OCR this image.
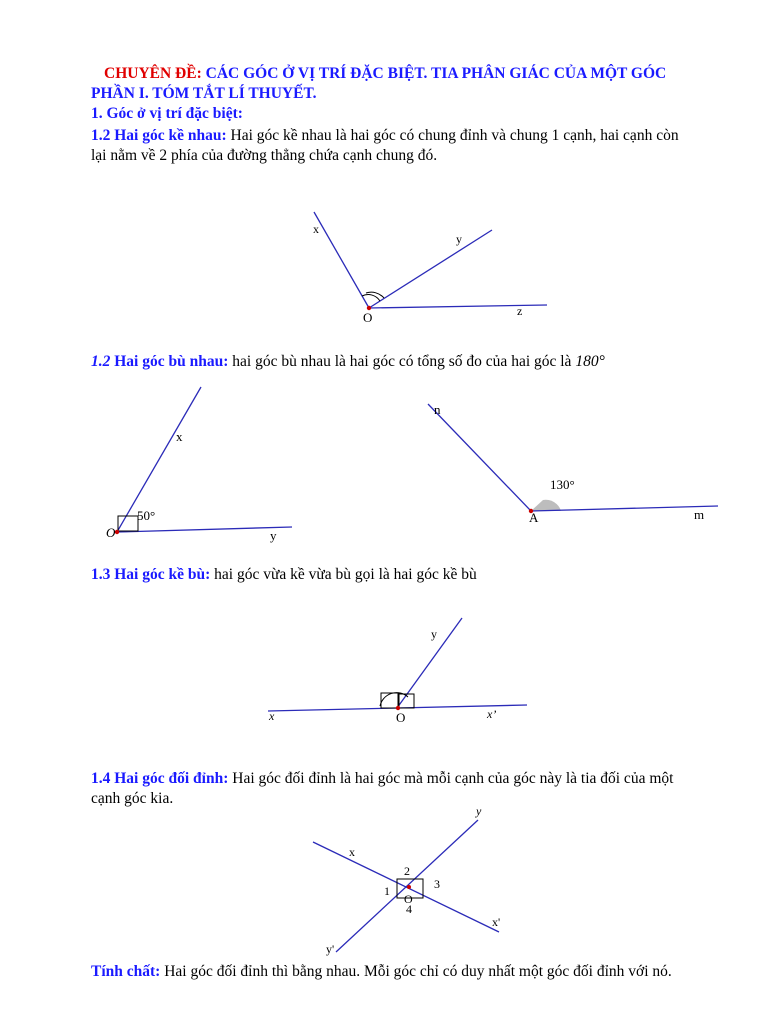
CHUYÊN ĐỀ: CÁC GÓC Ở VỊ TRÍ ĐẶC BIỆT. TIA PHÂN GIÁC CỦA MỘT GÓC
PHẦN I. TÓM TẮT LÍ THUYẾT.
1. Góc ở vị trí đặc biệt:
1.2 Hai góc kề nhau: Hai góc kề nhau là hai góc có chung đỉnh và chung 1 cạnh, hai cạnh còn
lại nằm về 2 phía của đường thẳng chứa cạnh chung đó.
x
y
z
O
x
y
O
50°
n
m
A
130°
x	x’
y
O
x
y
x'
y'
O
1
2
3
4
1.2 Hai góc bù nhau: hai góc bù nhau là hai góc có tổng số đo của hai góc là 180°
1.3 Hai góc kề bù: hai góc vừa kề vừa bù gọi là hai góc kề bù
1.4 Hai góc đối đỉnh: Hai góc đối đỉnh là hai góc mà mỗi cạnh của góc này là tia đối của một
cạnh góc kia.
Tính chất: Hai góc đối đỉnh thì bằng nhau. Mỗi góc chỉ có duy nhất một góc đối đỉnh với nó.
